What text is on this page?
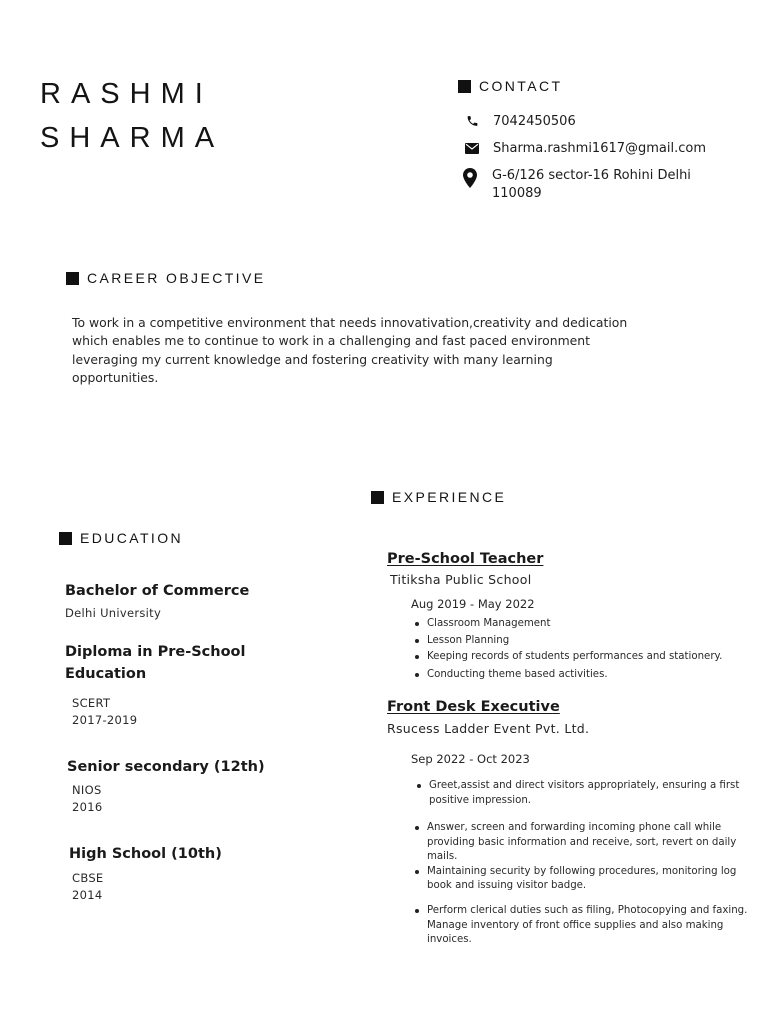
RASHMI
SHARMA
CONTACT
7042450506
Sharma.rashmi1617@gmail.com
G-6/126 sector-16 Rohini Delhi
110089
CAREER OBJECTIVE
To work in a competitive environment that needs innovativation,creativity and dedication which enables me to continue to work in a challenging and fast paced environment leveraging my current knowledge and fostering creativity with many learning opportunities.
EXPERIENCE
EDUCATION
Bachelor of Commerce
Delhi University
Diploma in Pre-School Education
SCERT
2017-2019
Senior secondary (12th)
NIOS
2016
High School (10th)
CBSE
2014
Pre-School Teacher
Titiksha Public School
Aug 2019 - May 2022
Classroom Management
Lesson Planning
Keeping records of students performances and stationery.
Conducting theme based activities.
Front Desk Executive
Rsucess Ladder Event Pvt. Ltd.
Sep 2022 - Oct 2023
Greet,assist and direct visitors appropriately, ensuring a first positive impression.
Answer, screen and forwarding incoming phone call while providing basic information and receive, sort, revert on daily mails.
Maintaining security by following procedures, monitoring log book and issuing visitor badge.
Perform clerical duties such as filing, Photocopying and faxing. Manage inventory of front office supplies and also making invoices.
